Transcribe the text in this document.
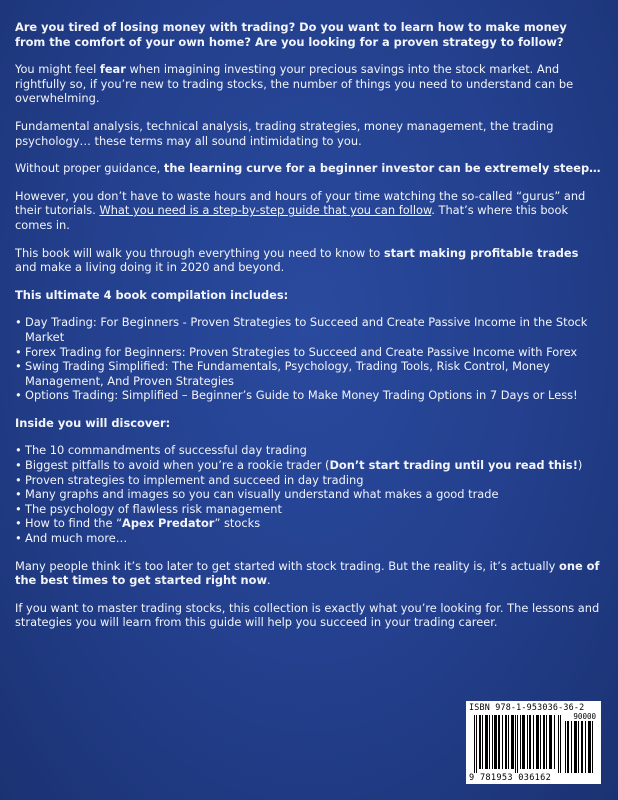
Are you tired of losing money with trading? Do you want to learn how to make money from the comfort of your own home? Are you looking for a proven strategy to follow?

You might feel fear when imagining investing your precious savings into the stock market. And rightfully so, if you’re new to trading stocks, the number of things you need to understand can be overwhelming.

Fundamental analysis, technical analysis, trading strategies, money management, the trading psychology… these terms may all sound intimidating to you.

Without proper guidance, the learning curve for a beginner investor can be extremely steep…

However, you don’t have to waste hours and hours of your time watching the so-called “gurus” and their tutorials. What you need is a step-by-step guide that you can follow. That’s where this book comes in.

This book will walk you through everything you need to know to start making profitable trades and make a living doing it in 2020 and beyond.

This ultimate 4 book compilation includes:

• Day Trading: For Beginners - Proven Strategies to Succeed and Create Passive Income in the Stock Market
• Forex Trading for Beginners: Proven Strategies to Succeed and Create Passive Income with Forex
• Swing Trading Simplified: The Fundamentals, Psychology, Trading Tools, Risk Control, Money Management, And Proven Strategies
• Options Trading: Simplified – Beginner’s Guide to Make Money Trading Options in 7 Days or Less!

Inside you will discover:

• The 10 commandments of successful day trading
• Biggest pitfalls to avoid when you’re a rookie trader (Don’t start trading until you read this!)
• Proven strategies to implement and succeed in day trading
• Many graphs and images so you can visually understand what makes a good trade
• The psychology of flawless risk management
• How to find the “Apex Predator” stocks
• And much more…

Many people think it’s too later to get started with stock trading. But the reality is, it’s actually one of the best times to get started right now.

If you want to master trading stocks, this collection is exactly what you’re looking for. The lessons and strategies you will learn from this guide will help you succeed in your trading career.

ISBN 978-1-953036-36-2
90000
9 781953 036162
